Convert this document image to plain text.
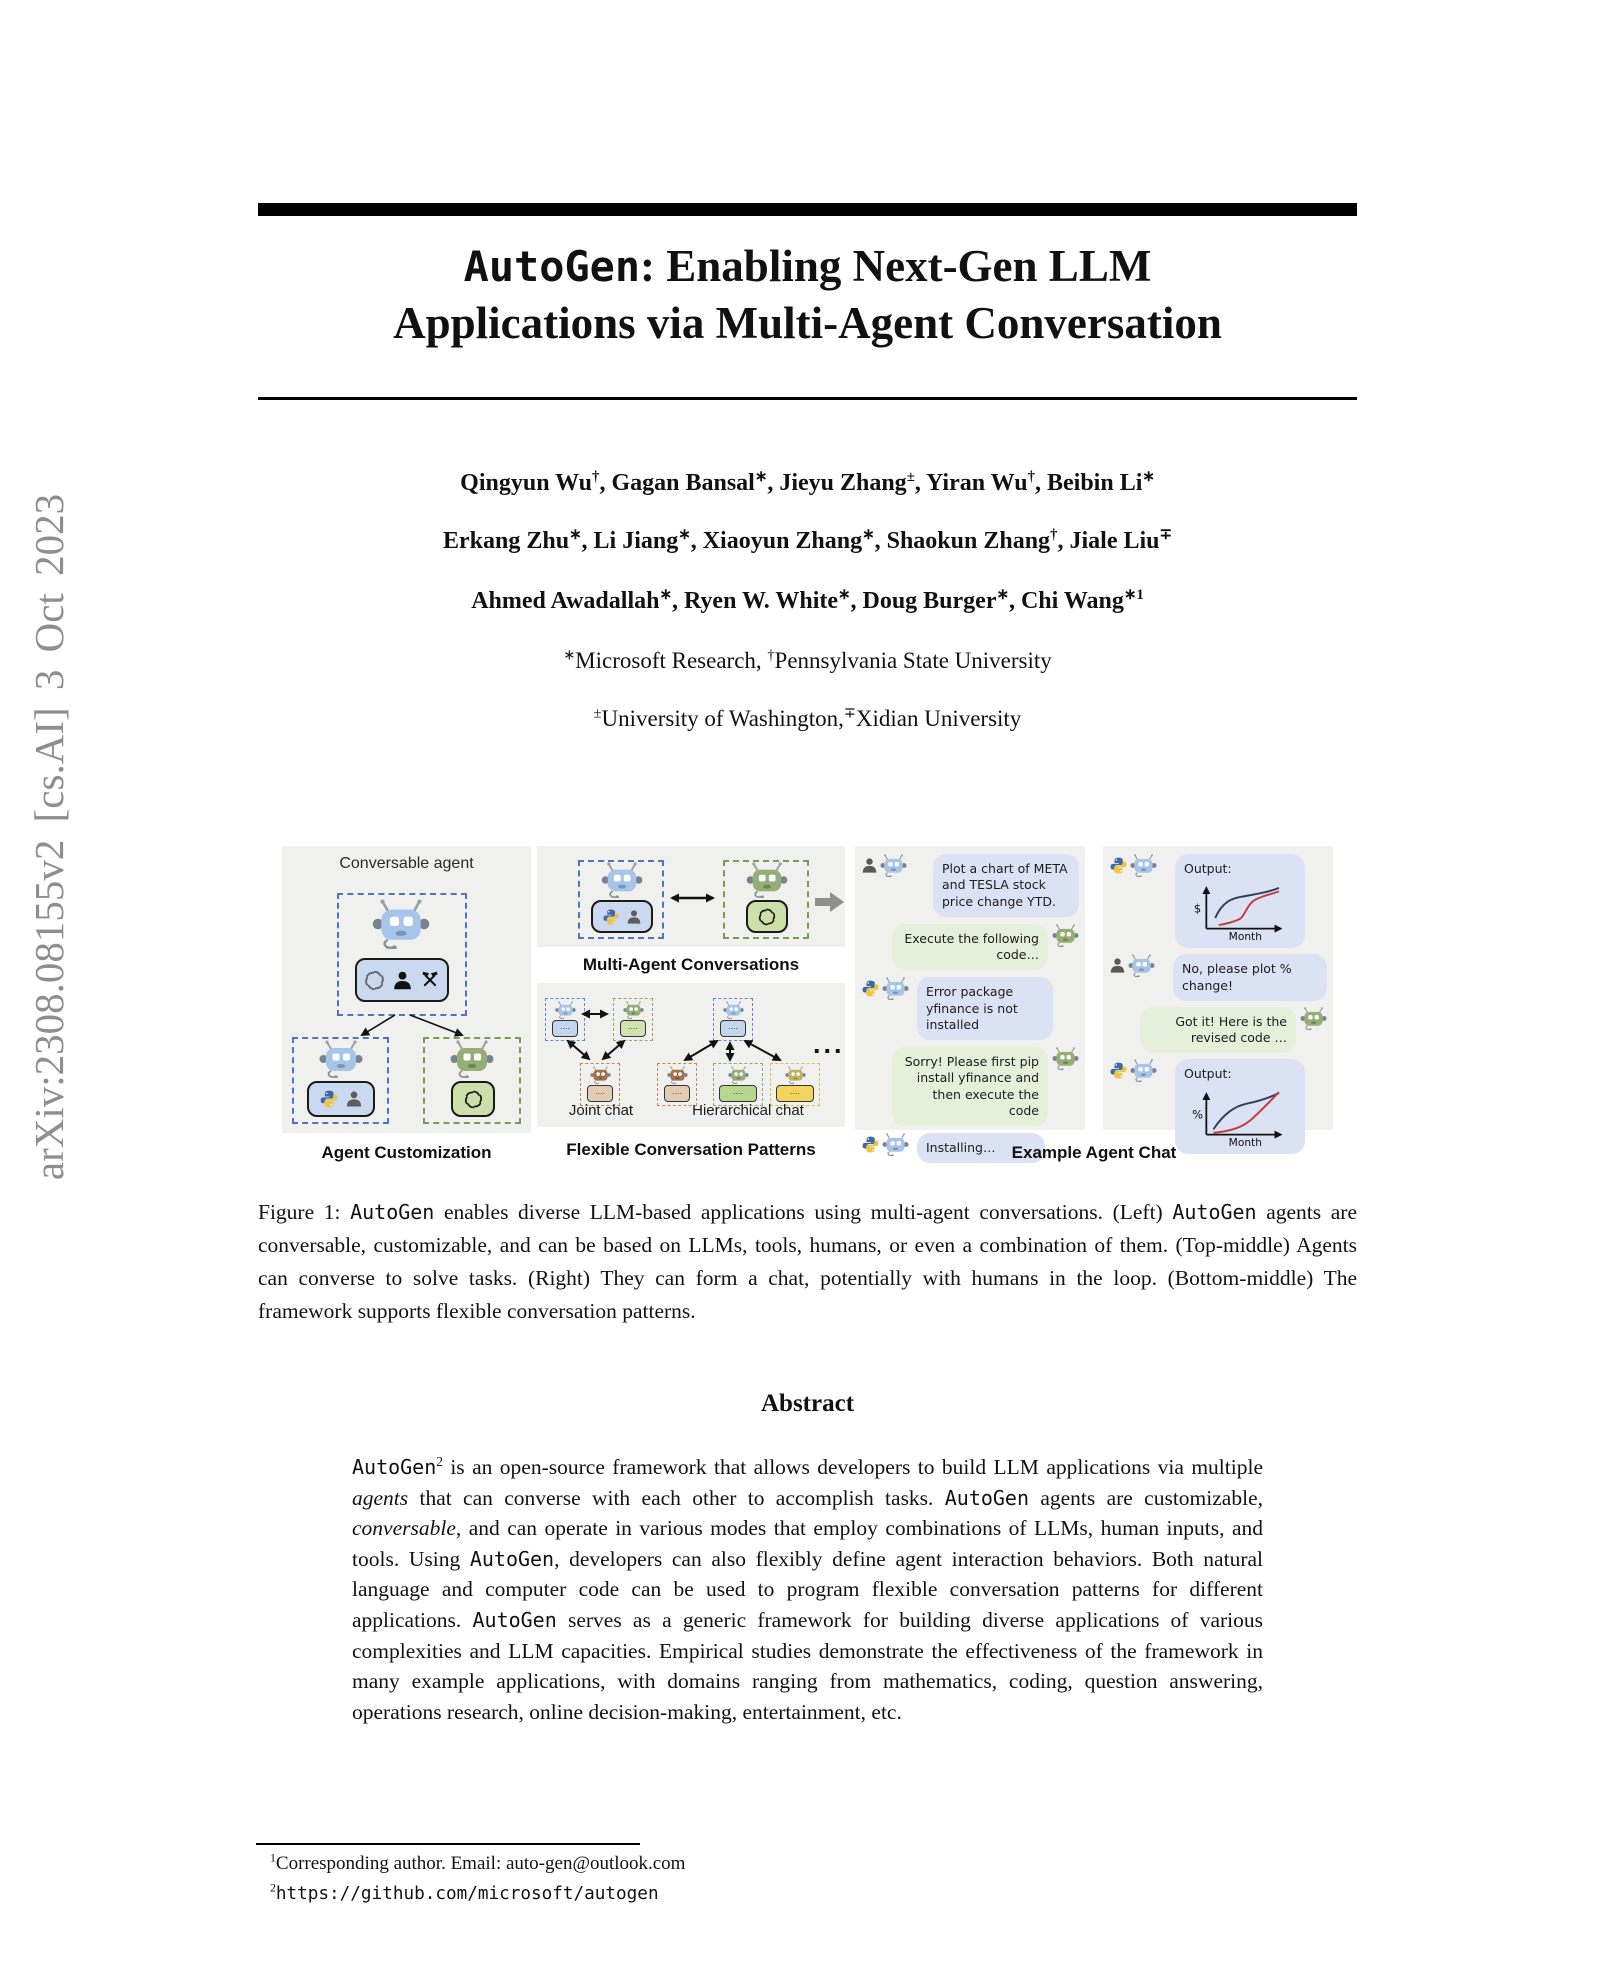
arXiv:2308.08155v2 [cs.AI] 3 Oct 2023
AutoGen: Enabling Next-Gen LLM
Applications via Multi-Agent Conversation
Qingyun Wu†, Gagan Bansal∗, Jieyu Zhang±, Yiran Wu†, Beibin Li∗
Erkang Zhu∗, Li Jiang∗, Xiaoyun Zhang∗, Shaokun Zhang†, Jiale Liu∓
Ahmed Awadallah∗, Ryen W. White∗, Doug Burger∗, Chi Wang$^{∗1}$
∗Microsoft Research, †Pennsylvania State University
±University of Washington,∓Xidian University
Conversable agent
Agent Customization
Multi-Agent Conversations
....	....
....
....
....	....	....
...
Joint chat	Hierarchical chat
Flexible Conversation Patterns
Plot a chart of META and TESLA stock price change YTD.
Execute the following code…
Error package yfinance is not installed
Sorry! Please first pip install yfinance and then execute the code
Installing…
Output:
$
Month
No, please plot % change!
Got it! Here is the revised code …
Output:
%
Month
Example Agent Chat
Figure 1: AutoGen enables diverse LLM-based applications using multi-agent conversations. (Left) AutoGen agents are conversable, customizable, and can be based on LLMs, tools, humans, or even a combination of them. (Top-middle) Agents can converse to solve tasks. (Right) They can form a chat, potentially with humans in the loop. (Bottom-middle) The framework supports flexible conversation patterns.
Abstract
AutoGen$^2$ is an open-source framework that allows developers to build LLM applications via multiple agents that can converse with each other to accomplish tasks. AutoGen agents are customizable, conversable, and can operate in various modes that employ combinations of LLMs, human inputs, and tools. Using AutoGen, developers can also flexibly define agent interaction behaviors. Both natural language and computer code can be used to program flexible conversation patterns for different applications. AutoGen serves as a generic framework for building diverse applications of various complexities and LLM capacities. Empirical studies demonstrate the effectiveness of the framework in many example applications, with domains ranging from mathematics, coding, question answering, operations research, online decision-making, entertainment, etc.
$^1$Corresponding author. Email: auto-gen@outlook.com
$^2$https://github.com/microsoft/autogen
